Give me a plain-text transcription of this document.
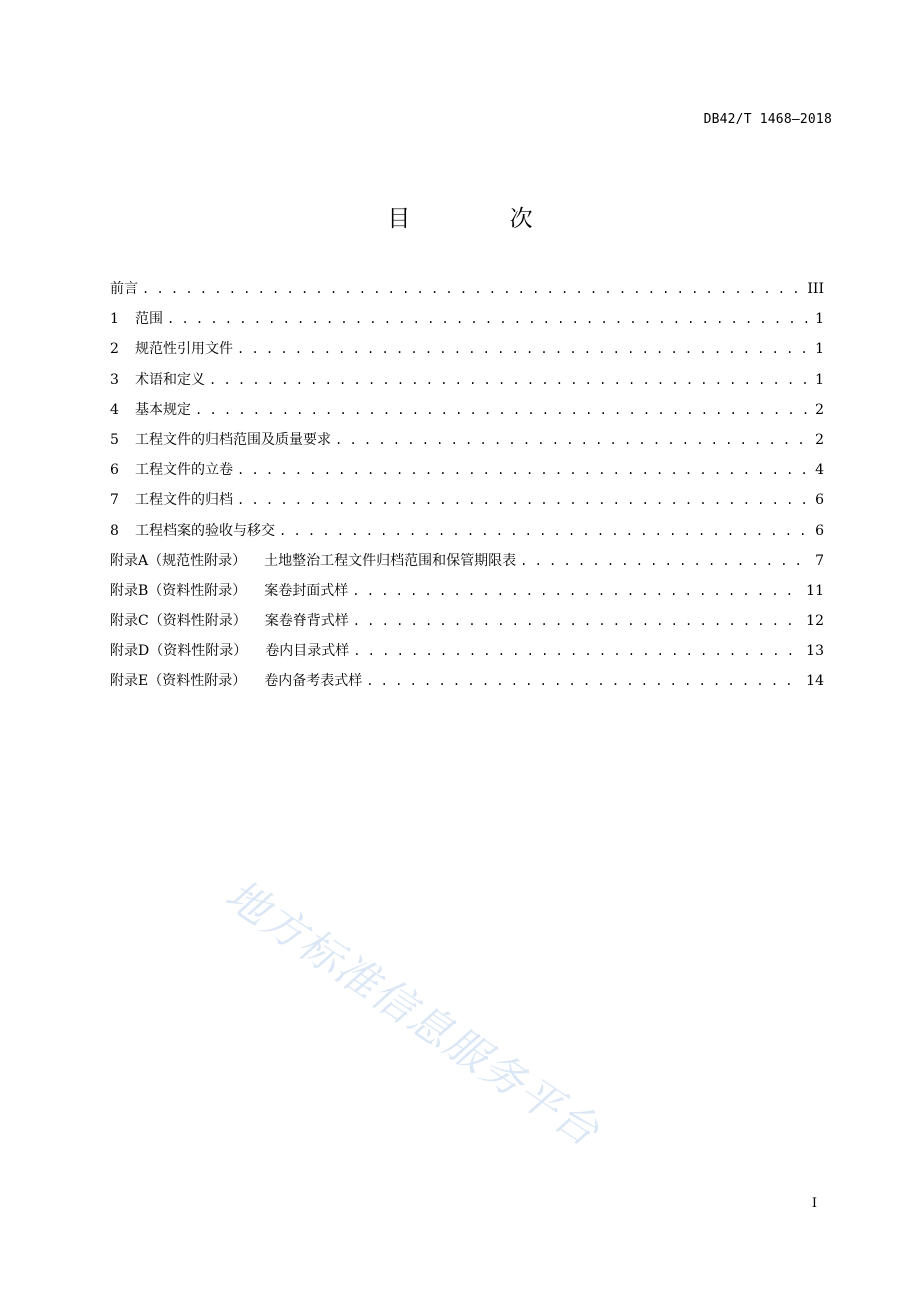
DB42/T 1468—2018
目 次
前言 . . .	III
1	范围 . . .	1
2	规范性引用文件 . . .	1
3	术语和定义 . . .	1
4	基本规定 . . .	2
5	工程文件的归档范围及质量要求 . . .	2
6	工程文件的立卷 . . .	4
7	工程文件的归档 . . .	6
8	工程档案的验收与移交 . . .	6
附录A（规范性附录） 土地整治工程文件归档范围和保管期限表 . . .	7
附录B（资料性附录） 案卷封面式样 . . .	11
附录C（资料性附录） 案卷脊背式样 . . .	12
附录D（资料性附录） 卷内目录式样 . . .	13
附录E（资料性附录） 卷内备考表式样 . . .	14
地方标准信息服务平台
I
